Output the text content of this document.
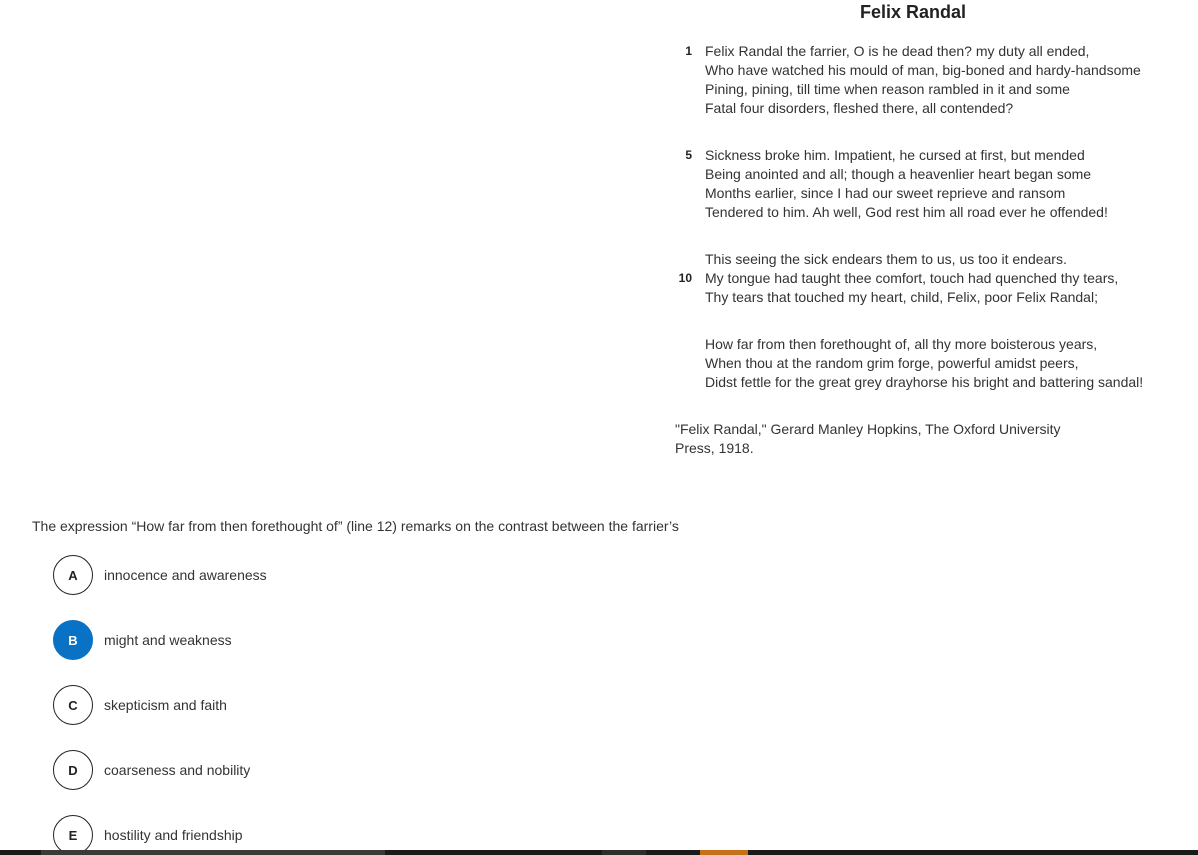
Felix Randal
1 Felix Randal the farrier, O is he dead then? my duty all ended,
Who have watched his mould of man, big-boned and hardy-handsome
Pining, pining, till time when reason rambled in it and some
Fatal four disorders, fleshed there, all contended?
5 Sickness broke him. Impatient, he cursed at first, but mended
Being anointed and all; though a heavenlier heart began some
Months earlier, since I had our sweet reprieve and ransom
Tendered to him. Ah well, God rest him all road ever he offended!
This seeing the sick endears them to us, us too it endears.
10 My tongue had taught thee comfort, touch had quenched thy tears,
Thy tears that touched my heart, child, Felix, poor Felix Randal;
How far from then forethought of, all thy more boisterous years,
When thou at the random grim forge, powerful amidst peers,
Didst fettle for the great grey drayhorse his bright and battering sandal!
"Felix Randal," Gerard Manley Hopkins, The Oxford University Press, 1918.
The expression “How far from then forethought of” (line 12) remarks on the contrast between the farrier’s
A	innocence and awareness
B	might and weakness
C	skepticism and faith
D	coarseness and nobility
E	hostility and friendship
